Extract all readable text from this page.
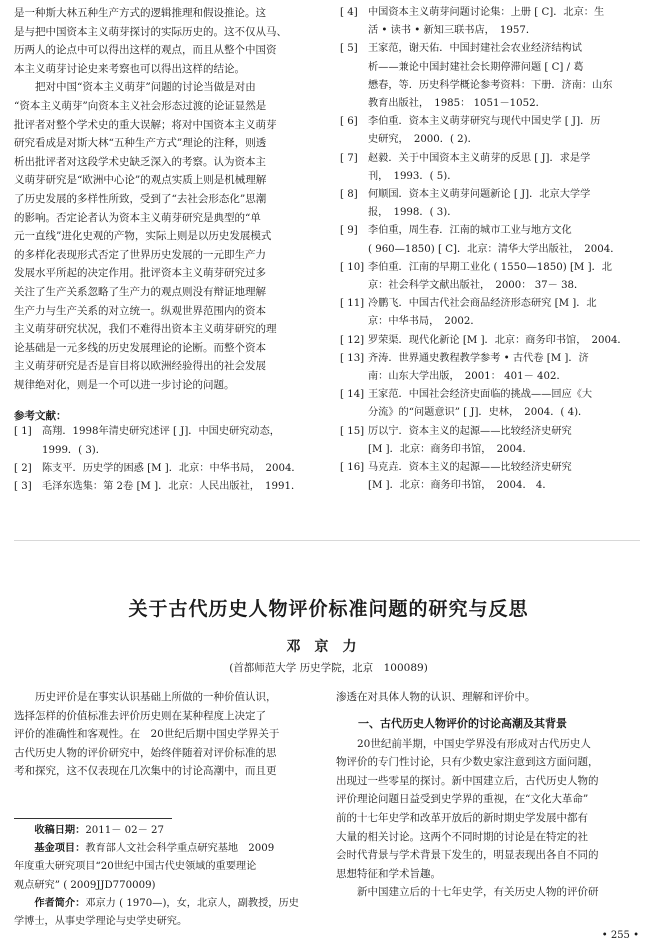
是一种斯大林五种生产方式的逻辑推理和假设推论。这
是与把中国资本主义萌芽探讨的实际历史的。这不仅从马、
历两人的论点中可以得出这样的观点，而且从整个中国资
本主义萌芽讨论史来考察也可以得出这样的结论。
　　把对中国“资本主义萌芽”问题的讨论当做是对由
“资本主义萌芽”向资本主义社会形态过渡的论证显然是
批评者对整个学术史的重大误解；将对中国资本主义萌芽
研究看成是对斯大林“五种生产方式”理论的注释，则透
析出批评者对这段学术史缺乏深入的考察。认为资本主
义萌芽研究是“欧洲中心论”的观点实质上则是机械理解
了历史发展的多样性所致，受到了“去社会形态化”思潮
的影响。否定论者认为资本主义萌芽研究是典型的“单
元一直线”进化史观的产物，实际上则是以历史发展模式
的多样化表现形式否定了世界历史发展的一元即生产力
发展水平所起的决定作用。批评资本主义萌芽研究过多
关注了生产关系忽略了生产力的观点则没有辩证地理解
生产力与生产关系的对立统一。纵观世界范围内的资本
主义萌芽研究状况，我们不难得出资本主义萌芽研究的理
论基础是一元多线的历史发展理论的论断。而整个资本
主义萌芽研究是否是盲目将以欧洲经验得出的社会发展
规律绝对化，则是一个可以进一步讨论的问题。

参考文献：

[ 1]	高翔．1998年清史研究述评 [ J]．中国史研究动态，
1999．( 3)．
[ 2]	陈支平．历史学的困惑 [M ]．北京：中华书局，　2004．
[ 3]	毛泽东选集：第 2卷 [M ]．北京：人民出版社，　1991．
[ 4]	中国资本主义萌芽问题讨论集：上册 [ C]．北京：生
活 • 读书 • 新知三联书店，　1957．
[ 5]	王家范，谢天佑．中国封建社会农业经济结构试
析——兼论中国封建社会长期停滞问题 [ C] / 葛
懋春，等．历史科学概论参考资料：下册．济南：山东
教育出版社，　1985： 1051－1052．
[ 6]	李伯重．资本主义萌芽研究与现代中国史学 [ J]．历
史研究，　2000．( 2)．
[ 7]	赵毅．关于中国资本主义萌芽的反思 [ J]．求是学
刊，　1993．( 5)．
[ 8]	何顺国．资本主义萌芽问题新论 [ J]．北京大学学
报，　1998．( 3)．
[ 9]	李伯重，周生春．江南的城市工业与地方文化
( 960—1850) [ C]．北京：清华大学出版社，　2004．
[ 10] 李伯重．江南的早期工业化 ( 1550—1850) [M ]．北
京：社会科学文献出版社，　2000： 37－ 38．
[ 11] 冷鹏飞．中国古代社会商品经济形态研究 [M ]．北
京：中华书局，　2002．
[ 12] 罗荣渠．现代化新论 [M ]．北京：商务印书馆，　2004．
[ 13] 齐涛．世界通史教程教学参考 • 古代卷 [M ]．济
南：山东大学出版，　2001： 401－ 402．
[ 14] 王家范．中国社会经济史面临的挑战——回应《大
分流》的“问题意识” [ J]．史林，　2004．( 4)．
[ 15] 厉以宁．资本主义的起源——比较经济史研究
[M ]．北京：商务印书馆，　2004．
[ 16] 马克垚．资本主义的起源——比较经济史研究
[M ]．北京：商务印书馆，　2004． 4．
关于古代历史人物评价标准问题的研究与反思

邓京力

(首都师范大学 历史学院，北京　100089)

　　历史评价是在事实认识基础上所做的一种价值认识，
选择怎样的价值标准去评价历史则在某种程度上决定了
评价的准确性和客观性。在　20世纪后期中国史学界关于
古代历史人物的评价研究中，始终伴随着对评价标准的思
考和探究，这不仅表现在几次集中的讨论高潮中，而且更

渗透在对具体人物的认识、理解和评价中。

一、古代历史人物评价的讨论高潮及其背景

　　20世纪前半期，中国史学界没有形成对古代历史人
物评价的专门性讨论，只有少数史家注意到这方面问题，
出现过一些零星的探讨。新中国建立后，古代历史人物的
评价理论问题日益受到史学界的重视，在“文化大革命”
前的十七年史学和改革开放后的新时期史学发展中都有
大量的相关讨论。这两个不同时期的讨论是在特定的社
会时代背景与学术背景下发生的，明显表现出各自不同的
思想特征和学术旨趣。

　　新中国建立后的十七年史学，有关历史人物的评价研

　　收稿日期：2011－ 02－ 27

　　基金项目：教育部人文社会科学重点研究基地　2009
年度重大研究项目“20世纪中国古代史领域的重要理论
观点研究” ( 2009JJD770009)

　　作者简介：邓京力 ( 1970—)，女，北京人，副教授，历史
学博士，从事史学理论与史学史研究。

• 255 •
